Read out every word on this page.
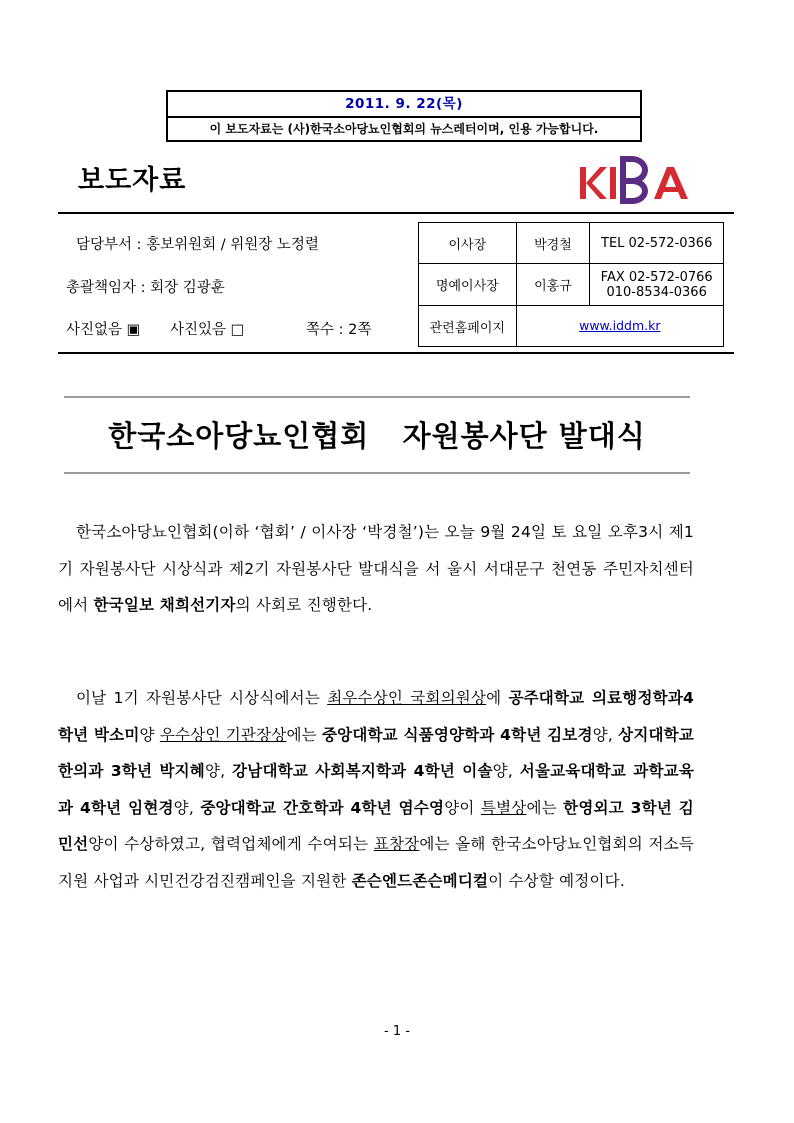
2011. 9. 22(목)
이 보도자료는 (사)한국소아당뇨인협회의 뉴스레터이며, 인용 가능합니다.
보도자료
담당부서 : 홍보위원회 / 위원장 노정렬
총괄책임자 : 회장 김광훈
사진없음 ▣ 사진있음 □	쪽수 : 2쪽
이사장	박경철	TEL 02-572-0366
명예이사장	이홍규	FAX 02-572-0766
010-8534-0366

관련홈페이지	www.iddm.kr	
한국소아당뇨인협회   자원봉사단 발대식
한국소아당뇨인협회(이하 ‘협회’ / 이사장 ‘박경철’)는 오늘 9월 24일 토 요일 오후3시 제1기 자원봉사단 시상식과 제2기 자원봉사단 발대식을 서 울시 서대문구 천연동 주민자치센터에서 한국일보 채희선기자의 사회로 진행한다.
이날 1기 자원봉사단 시상식에서는 최우수상인 국회의원상에 공주대학교 의료행정학과4학년 박소미양 우수상인 기관장상에는 중앙대학교 식품영양학과 4학년 김보경양, 상지대학교 한의과 3학년 박지혜양, 강남대학교 사회복지학과 4학년 이솔양, 서울교육대학교 과학교육과 4학년 임현경양, 중앙대학교 간호학과 4학년 염수영양이 특별상에는 한영외고 3학년 김민선양이 수상하였고, 협력업체에게 수여되는 표창장에는 올해 한국소아당뇨인협회의 저소득지원 사업과 시민건강검진캠페인을 지원한 존슨엔드존슨메디컬이 수상할 예정이다.
- 1 -
